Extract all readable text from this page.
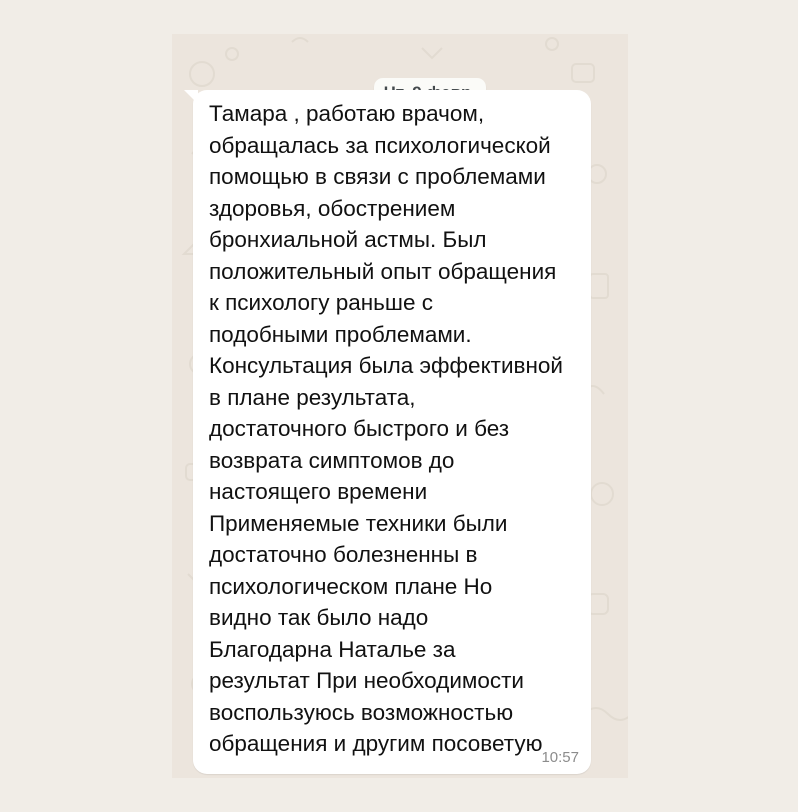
Тамара , работаю врачом,
обращалась за психологической
помощью в связи с проблемами
здоровья, обострением
бронхиальной астмы. Был
положительный опыт обращения
к психологу раньше с
подобными проблемами.
Консультация была эффективной
в плане результата,
достаточного быстрого и без
возврата симптомов до
настоящего времени
Применяемые техники были
достаточно болезненны в
психологическом плане Но
видно так было надо
Благодарна Наталье за
результат При необходимости
воспользуюсь возможностью
обращения и другим посоветую

10:57
